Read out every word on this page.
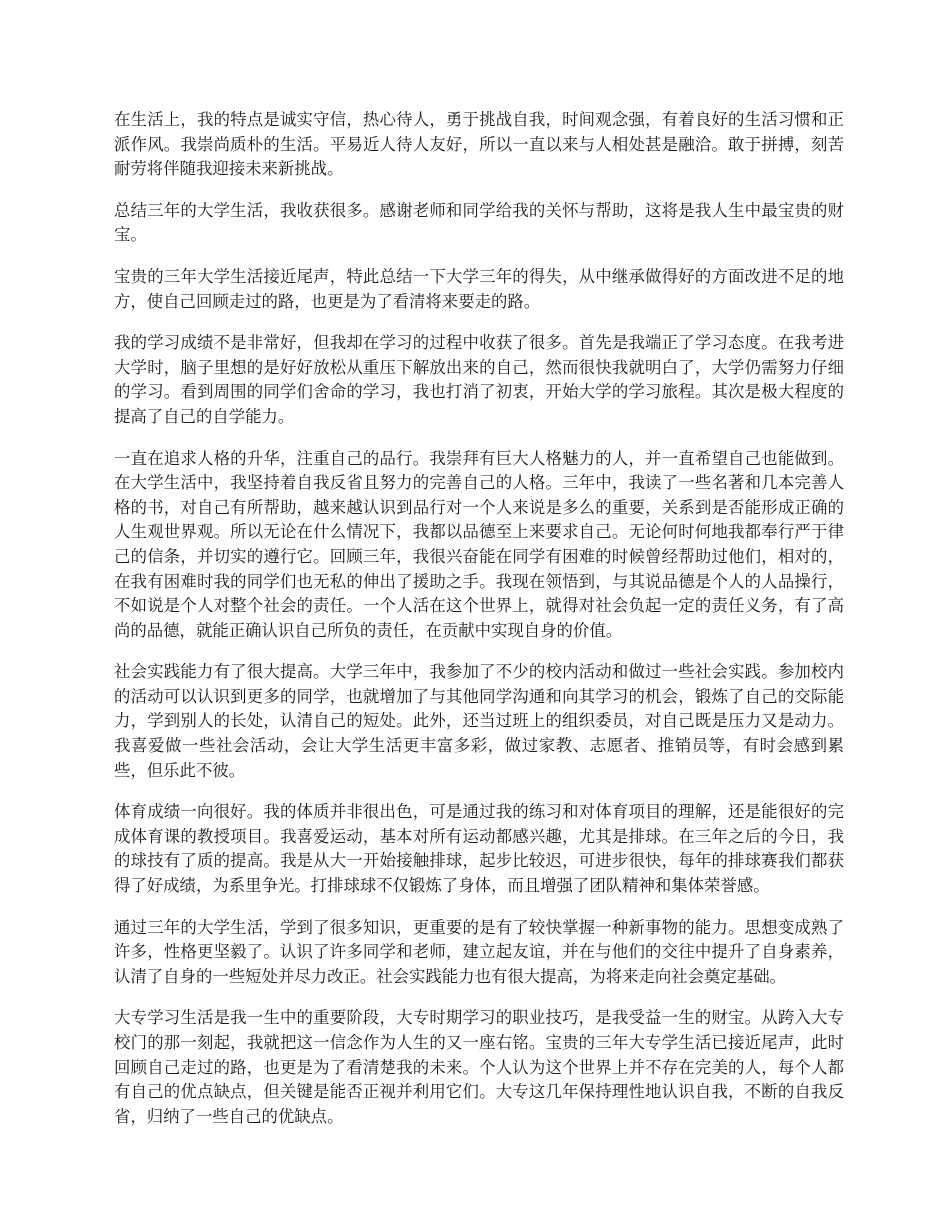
在生活上，我的特点是诚实守信，热心待人，勇于挑战自我，时间观念强，有着良好的生活习惯和正派作风。我崇尚质朴的生活。平易近人待人友好，所以一直以来与人相处甚是融洽。敢于拼搏，刻苦耐劳将伴随我迎接未来新挑战。

总结三年的大学生活，我收获很多。感谢老师和同学给我的关怀与帮助，这将是我人生中最宝贵的财宝。

宝贵的三年大学生活接近尾声，特此总结一下大学三年的得失，从中继承做得好的方面改进不足的地方，使自己回顾走过的路，也更是为了看清将来要走的路。

我的学习成绩不是非常好，但我却在学习的过程中收获了很多。首先是我端正了学习态度。在我考进大学时，脑子里想的是好好放松从重压下解放出来的自己，然而很快我就明白了，大学仍需努力仔细的学习。看到周围的同学们舍命的学习，我也打消了初衷，开始大学的学习旅程。其次是极大程度的提高了自己的自学能力。

一直在追求人格的升华，注重自己的品行。我崇拜有巨大人格魅力的人，并一直希望自己也能做到。在大学生活中，我坚持着自我反省且努力的完善自己的人格。三年中，我读了一些名著和几本完善人格的书，对自己有所帮助，越来越认识到品行对一个人来说是多么的重要，关系到是否能形成正确的人生观世界观。所以无论在什么情况下，我都以品德至上来要求自己。无论何时何地我都奉行严于律己的信条，并切实的遵行它。回顾三年，我很兴奋能在同学有困难的时候曾经帮助过他们，相对的，在我有困难时我的同学们也无私的伸出了援助之手。我现在领悟到，与其说品德是个人的人品操行，不如说是个人对整个社会的责任。一个人活在这个世界上，就得对社会负起一定的责任义务，有了高尚的品德，就能正确认识自己所负的责任，在贡献中实现自身的价值。

社会实践能力有了很大提高。大学三年中，我参加了不少的校内活动和做过一些社会实践。参加校内的活动可以认识到更多的同学，也就增加了与其他同学沟通和向其学习的机会，锻炼了自己的交际能力，学到别人的长处，认清自己的短处。此外，还当过班上的组织委员，对自己既是压力又是动力。我喜爱做一些社会活动，会让大学生活更丰富多彩，做过家教、志愿者、推销员等，有时会感到累些，但乐此不彼。

体育成绩一向很好。我的体质并非很出色，可是通过我的练习和对体育项目的理解，还是能很好的完成体育课的教授项目。我喜爱运动，基本对所有运动都感兴趣，尤其是排球。在三年之后的今日，我的球技有了质的提高。我是从大一开始接触排球，起步比较迟，可进步很快，每年的排球赛我们都获得了好成绩，为系里争光。打排球球不仅锻炼了身体，而且增强了团队精神和集体荣誉感。

通过三年的大学生活，学到了很多知识，更重要的是有了较快掌握一种新事物的能力。思想变成熟了许多，性格更坚毅了。认识了许多同学和老师，建立起友谊，并在与他们的交往中提升了自身素养，认清了自身的一些短处并尽力改正。社会实践能力也有很大提高，为将来走向社会奠定基础。

大专学习生活是我一生中的重要阶段，大专时期学习的职业技巧，是我受益一生的财宝。从跨入大专校门的那一刻起，我就把这一信念作为人生的又一座右铭。宝贵的三年大专学生活已接近尾声，此时回顾自己走过的路，也更是为了看清楚我的未来。个人认为这个世界上并不存在完美的人，每个人都有自己的优点缺点，但关键是能否正视并利用它们。大专这几年保持理性地认识自我，不断的自我反省，归纳了一些自己的优缺点。
